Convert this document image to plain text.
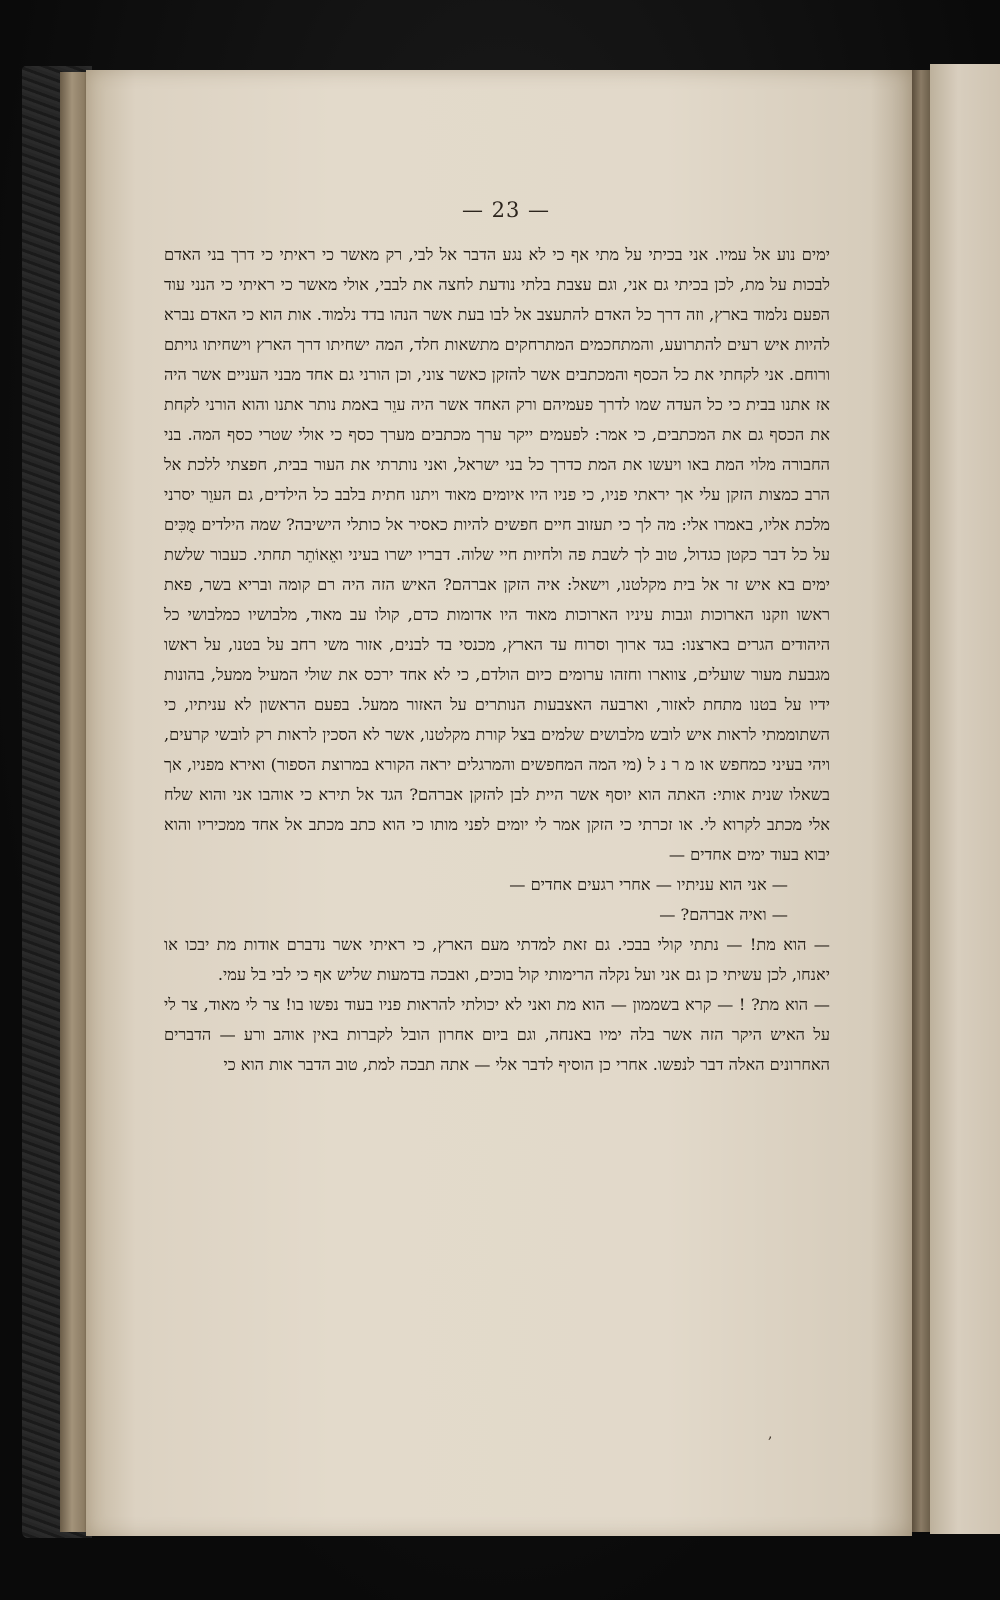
— 23 —

ימים נוע אל עמיו. אני בכיתי על מתי אף כי לא נגע הדבר אל לבי, רק מאשר כי ראיתי כי דרך בני האדם לבכות על מת, לכן בכיתי גם אני, וגם עצבת בלתי נודעת לחצה את לבבי, אולי מאשר כי ראיתי כי הנני עוד הפעם נלמוד בארץ, וזה דרך כל האדם להתעצב אל לבו בעת אשר הנהו בדד נלמוד. אות הוא כי האדם נברא להיות איש רעים להתרועע, והמתחכמים המתרחקים מתשאות חלד, המה ישחיתו דרך הארץ וישחיתו גויתם ורוחם. אני לקחתי את כל הכסף והמכתבים אשר להזקן כאשר צוני, וכן הורני גם אחד מבני העניים אשר היה אז אתנו בבית כי כל העדה שמו לדרך פעמיהם ורק האחד אשר היה עוֵר באמת נותר אתנו והוא הורני לקחת את הכסף גם את המכתבים, כי אמר: לפעמים ייקר ערך מכתבים מערך כסף כי אולי שטרי כסף המה. בני החבורה מלוי המת באו ויעשו את המת כדרך כל בני ישראל, ואני נותרתי את העור בבית, חפצתי ללכת אל הרב כמצות הזקן עלי אך יראתי פניו, כי פניו היו איומים מאוד ויתנו חתית בלבב כל הילדים, גם העוֵר יסרני מלכת אליו, באמרו אלי: מה לך כי תעזוב חיים חפשים להיות כאסיר אל כותלי הישיבה? שמה הילדים מֻכִּים על כל דבר כקטן כגדול, טוב לך לשבת פה ולחיות חיי שלוה. דבריו ישרו בעיני ואֵאוֹתֵר תחתי. כעבור שלשת ימים בא איש זר אל בית מקלטנו, וישאל: איה הזקן אברהם? האיש הזה היה רם קומה ובריא בשר, פאת ראשו וזקנו הארוכות וגבות עיניו הארוכות מאוד היו אדומות כדם, קולו עב מאוד, מלבושיו כמלבושי כל היהודים הגרים בארצנו: בגד ארוך וסרוח עד הארץ, מכנסי בד לבנים, אזור משי רחב על בטנו, על ראשו מגבעת מעור שועלים, צווארו וחזהו ערומים כיום הולדם, כי לא אחד ירכס את שולי המעיל ממעל, בהונות ידיו על בטנו מתחת לאזור, וארבעה האצבעות הנותרים על האזור ממעל. בפעם הראשון לא עניתיו, כי השתוממתי לראות איש לובש מלבושים שלמים בצל קורת מקלטנו, אשר לא הסכין לראות רק לובשי קרעים, ויהי בעיני כמחפש או מ ר נ ל (מי המה המחפשים והמרגלים יראה הקורא במרוצת הספור) ואירא מפניו, אך בשאלו שנית אותי: האתה הוא יוסף אשר היית לבן להזקן אברהם? הגד אל תירא כי אוהבו אני והוא שלח אלי מכתב לקרוא לי. או זכרתי כי הזקן אמר לי יומים לפני מותו כי הוא כתב מכתב אל אחד ממכיריו והוא יבוא בעוד ימים אחדים —

— אני הוא עניתיו — אחרי רגעים אחדים —

— ואיה אברהם? —

— הוא מת! — נתתי קולי בבכי. גם זאת למדתי מעם הארץ, כי ראיתי אשר נדברם אודות מת יבכו או יאנחו, לכן עשיתי כן גם אני ועל נקלה הרימותי קול בוכים, ואבכה בדמעות שליש אף כי לבי בל עמי.

— הוא מת? ! — קרא בשממון — הוא מת ואני לא יכולתי להראות פניו בעוד נפשו בו! צר לי מאוד, צר לי על האיש היקר הזה אשר בלה ימיו באנחה, וגם ביום אחרון הובל לקברות באין אוהב ורע — הדברים האחרונים האלה דבר לנפשו. אחרי כן הוסיף לדבר אלי — אתה תבכה למת, טוב הדבר אות הוא כי

,
